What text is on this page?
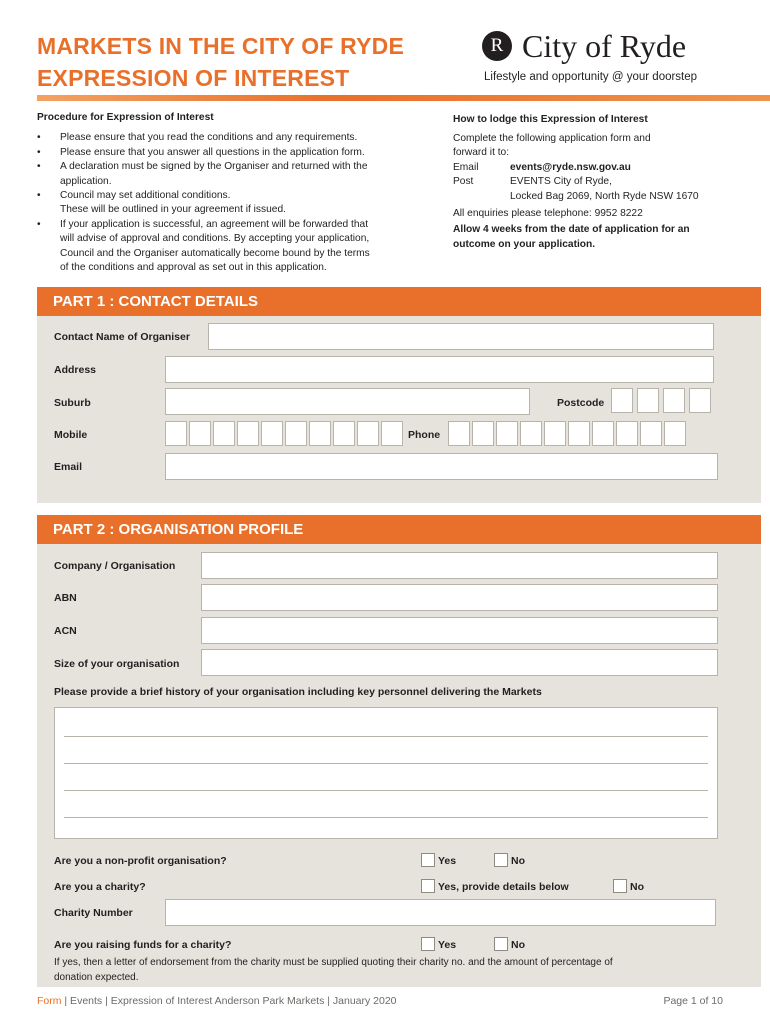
MARKETS IN THE CITY OF RYDE
EXPRESSION OF INTEREST
R City of Ryde
Lifestyle and opportunity @ your doorstep
Procedure for Expression of Interest
• Please ensure that you read the conditions and any requirements.
• Please ensure that you answer all questions in the application form.
• A declaration must be signed by the Organiser and returned with the
application.
• Council may set additional conditions.
These will be outlined in your agreement if issued.
• If your application is successful, an agreement will be forwarded that
will advise of approval and conditions. By accepting your application,
Council and the Organiser automatically become bound by the terms
of the conditions and approval as set out in this application.
How to lodge this Expression of Interest
Complete the following application form and
forward it to:
Email	events@ryde.nsw.gov.au
Post	EVENTS City of Ryde,
Locked Bag 2069, North Ryde NSW 1670
All enquiries please telephone: 9952 8222
Allow 4 weeks from the date of application for an
outcome on your application.
PART 1 : CONTACT DETAILS
Contact Name of Organiser
Address
Suburb	Postcode
Mobile	Phone
Email
PART 2 : ORGANISATION PROFILE
Company / Organisation
ABN
ACN
Size of your organisation
Please provide a brief history of your organisation including key personnel delivering the Markets
Are you a non-profit organisation?	Yes	No
Are you a charity?	Yes, provide details below	No
Charity Number
Are you raising funds for a charity?	Yes	No
If yes, then a letter of endorsement from the charity must be supplied quoting their charity no. and the amount of percentage of
donation expected.
Form | Events | Expression of Interest Anderson Park Markets | January 2020	Page 1 of 10
